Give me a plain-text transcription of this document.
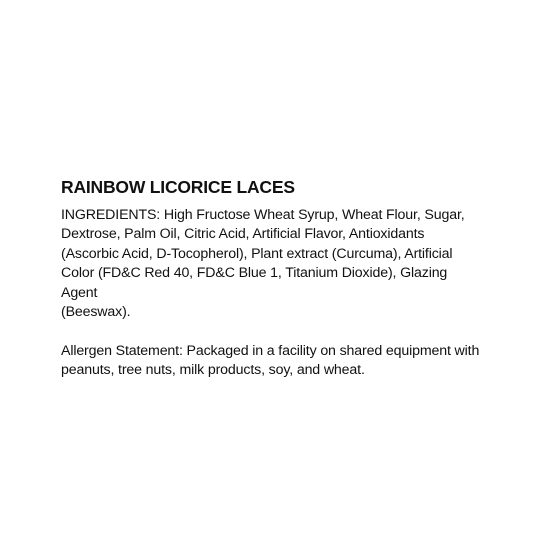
RAINBOW LICORICE LACES

INGREDIENTS: High Fructose Wheat Syrup, Wheat Flour, Sugar,
Dextrose, Palm Oil, Citric Acid, Artificial Flavor, Antioxidants
(Ascorbic Acid, D-Tocopherol), Plant extract (Curcuma), Artificial
Color (FD&C Red 40, FD&C Blue 1, Titanium Dioxide), Glazing Agent
(Beeswax).

Allergen Statement: Packaged in a facility on shared equipment with
peanuts, tree nuts, milk products, soy, and wheat.
